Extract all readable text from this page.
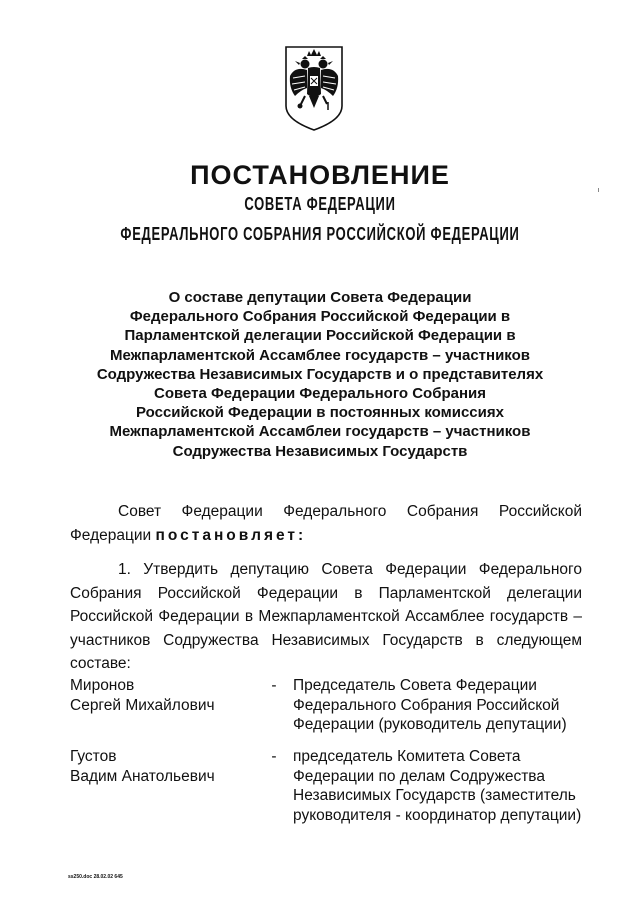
ПОСТАНОВЛЕНИЕ
СОВЕТА ФЕДЕРАЦИИ
ФЕДЕРАЛЬНОГО СОБРАНИЯ РОССИЙСКОЙ ФЕДЕРАЦИИ
О составе депутации Совета Федерации
Федерального Собрания Российской Федерации в
Парламентской делегации Российской Федерации в
Межпарламентской Ассамблее государств – участников
Содружества Независимых Государств и о представителях
Совета Федерации Федерального Собрания
Российской Федерации в постоянных комиссиях
Межпарламентской Ассамблеи государств – участников
Содружества Независимых Государств
Совет Федерации Федерального Собрания Российской Федерации постановляет:
1. Утвердить депутацию Совета Федерации Федерального Собрания Российской Федерации в Парламентской делегации Российской Федерации в Межпарламентской Ассамблее государств – участников Содружества Независимых Государств в следующем составе:
Миронов
Сергей Михайлович
- Председатель Совета Федерации Федерального Собрания Российской Федерации (руководитель депутации)
Густов
Вадим Анатольевич
- председатель Комитета Совета Федерации по делам Содружества Независимых Государств (заместитель руководителя - координатор депутации)
ss250.doc 28.02.02 645
